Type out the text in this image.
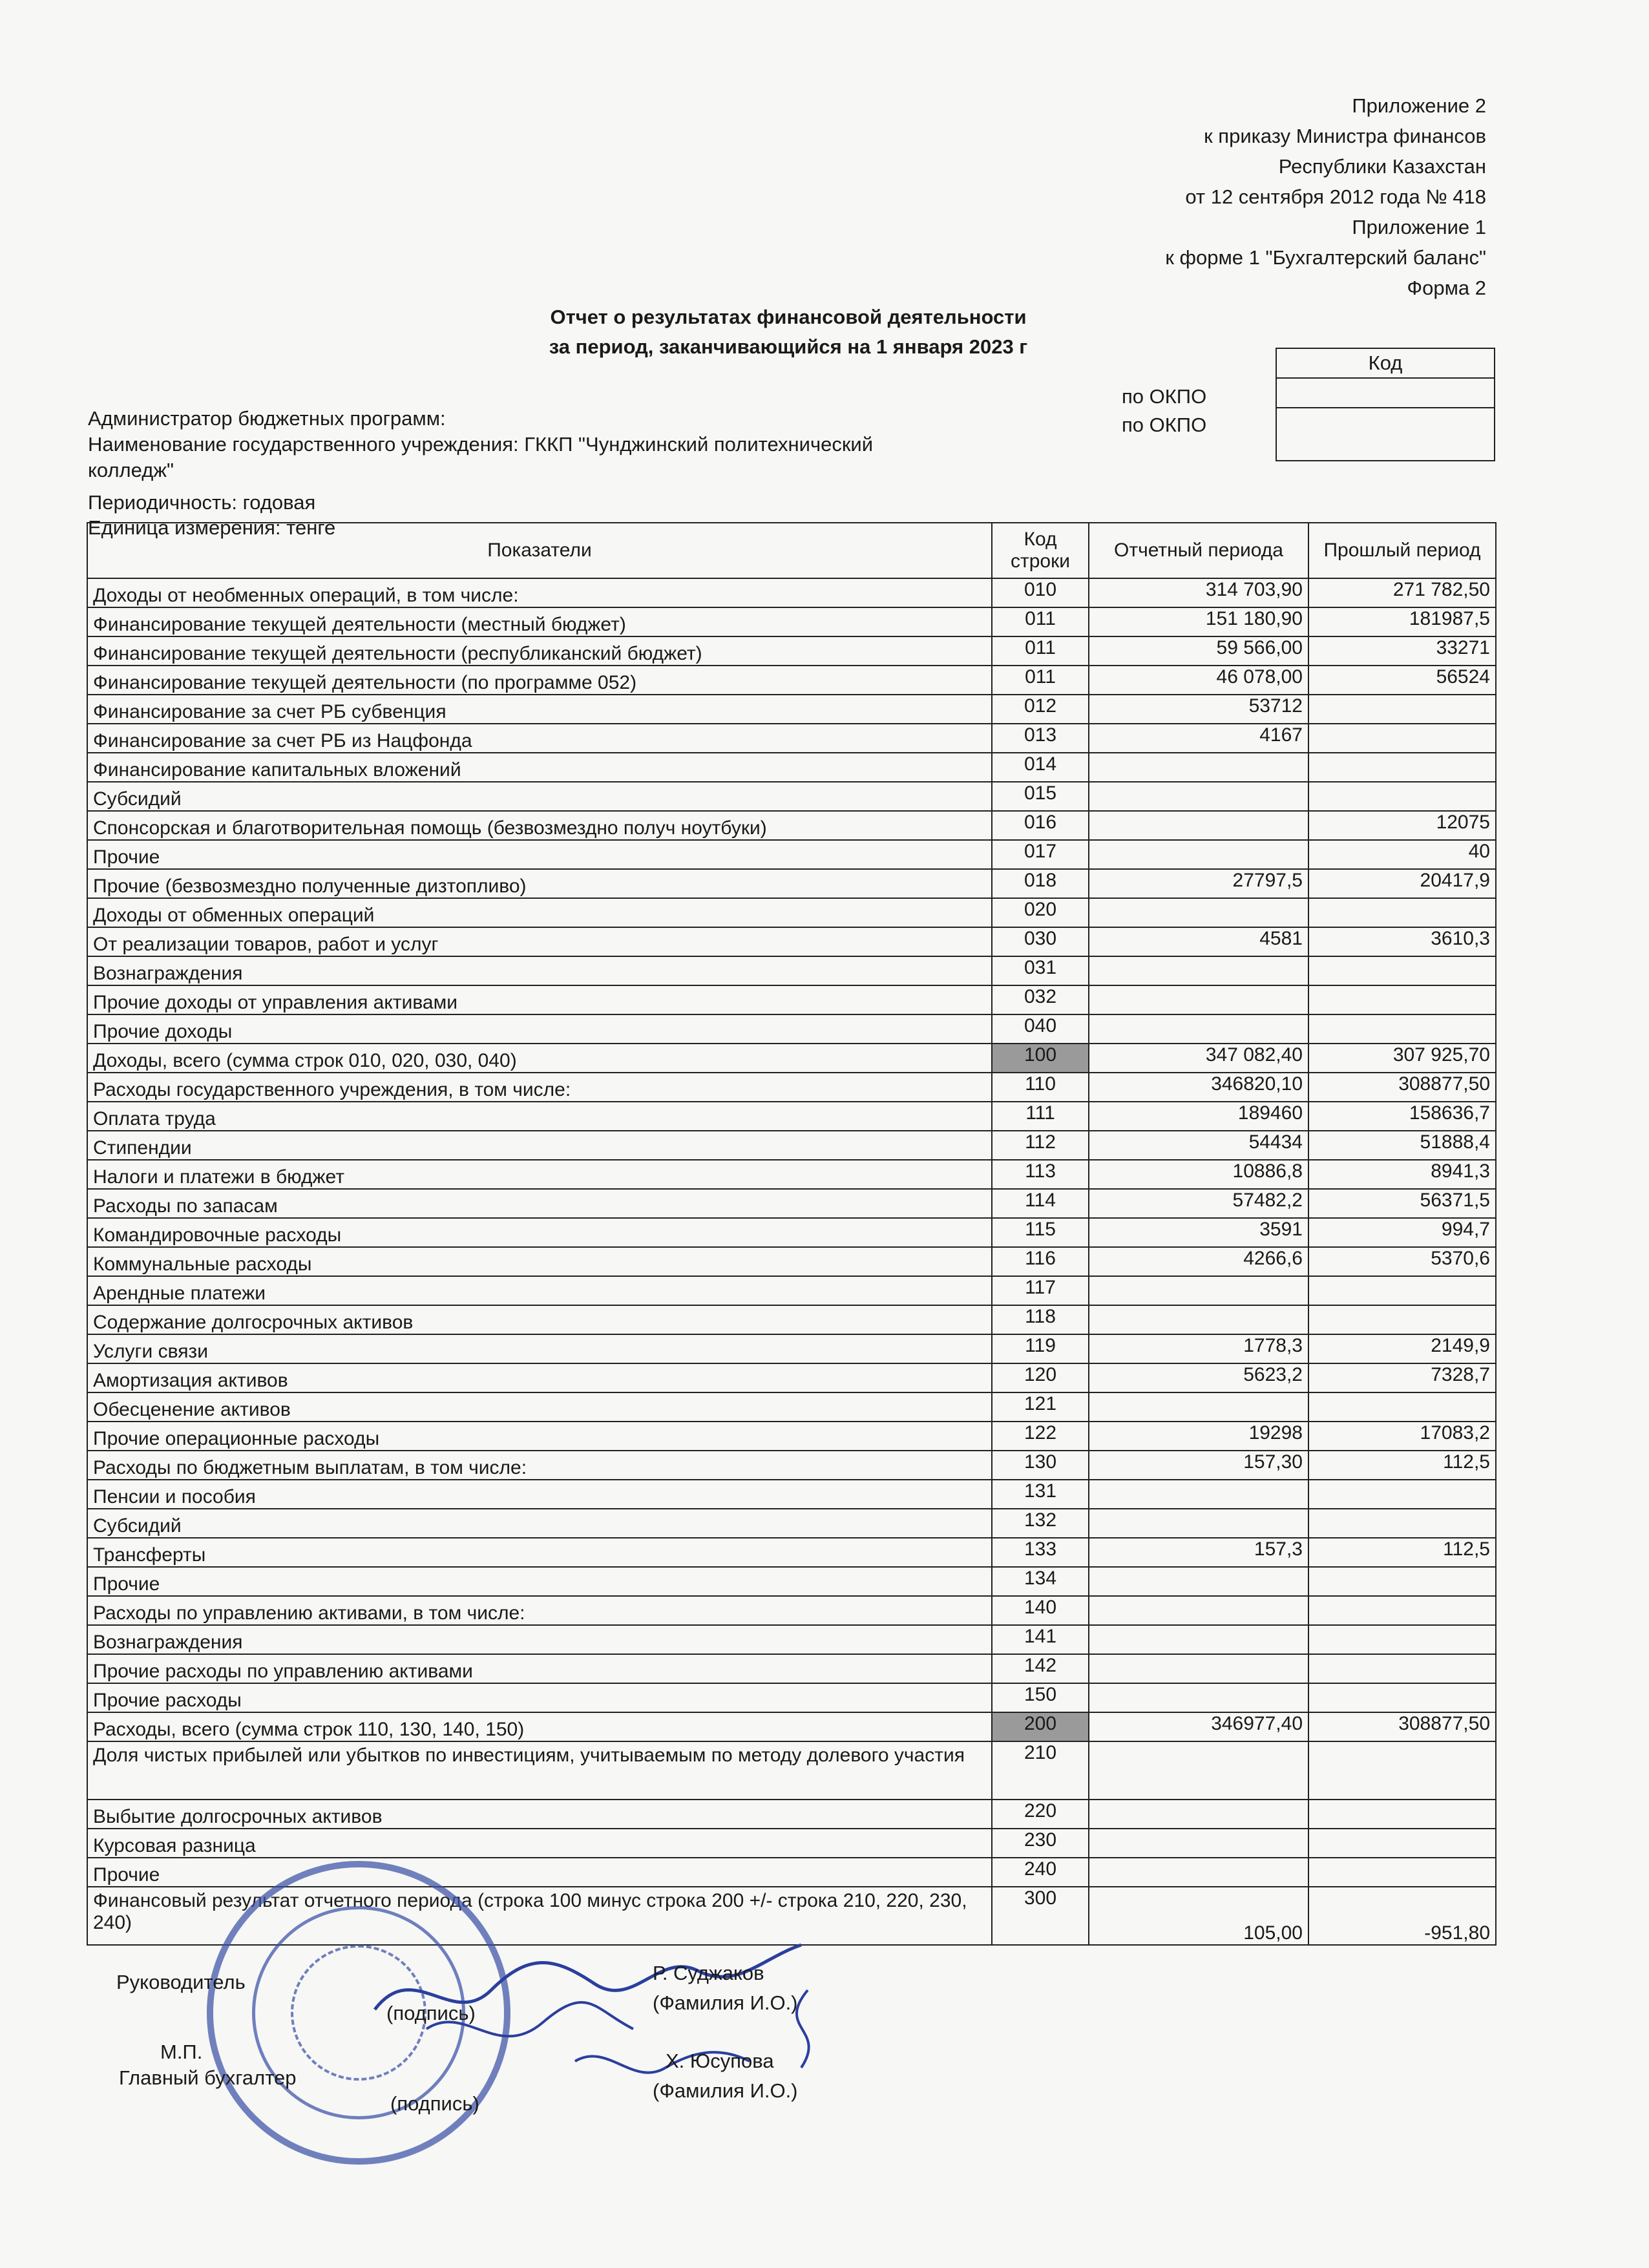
Приложение 2
к приказу Министра финансов
Республики Казахстан
от 12 сентября 2012 года № 418
Приложение 1
к форме 1 "Бухгалтерский баланс"
Форма 2
Отчет о результатах финансовой деятельности
за период, заканчивающийся на 1 января 2023 г
Администратор бюджетных программ:
Наименование государственного учреждения: ГККП "Чунджинский политехнический
колледж"
Периодичность: годовая
Единица измерения: тенге
по ОКПО
по ОКПО
Код
Показатели	Код строки	Отчетный периода	Прошлый период
Доходы от необменных операций, в том числе:	010	314 703,90	271 782,50
Финансирование текущей деятельности (местный бюджет)	011	151 180,90	181987,5
Финансирование текущей деятельности (республиканский бюджет)	011	59 566,00	33271
Финансирование текущей деятельности (по программе 052)	011	46 078,00	56524
Финансирование за счет РБ субвенция	012	53712	
Финансирование за счет РБ из Нацфонда	013	4167	
Финансирование капитальных вложений	014		
Субсидий	015		
Спонсорская и благотворительная помощь (безвозмездно получ ноутбуки)	016		12075
Прочие	017		40
Прочие (безвозмездно полученные дизтопливо)	018	27797,5	20417,9
Доходы от обменных операций	020		
От реализации товаров, работ и услуг	030	4581	3610,3
Вознаграждения	031		
Прочие доходы от управления активами	032		
Прочие доходы	040		
Доходы, всего (сумма строк 010, 020, 030, 040)	100	347 082,40	307 925,70
Расходы государственного учреждения, в том числе:	110	346820,10	308877,50
Оплата труда	111	189460	158636,7
Стипендии	112	54434	51888,4
Налоги и платежи в бюджет	113	10886,8	8941,3
Расходы по запасам	114	57482,2	56371,5
Командировочные расходы	115	3591	994,7
Коммунальные расходы	116	4266,6	5370,6
Арендные платежи	117		
Содержание долгосрочных активов	118		
Услуги связи	119	1778,3	2149,9
Амортизация активов	120	5623,2	7328,7
Обесценение активов	121		
Прочие операционные расходы	122	19298	17083,2
Расходы по бюджетным выплатам, в том числе:	130	157,30	112,5
Пенсии и пособия	131		
Субсидий	132		
Трансферты	133	157,3	112,5
Прочие	134		
Расходы по управлению активами, в том числе:	140		
Вознаграждения	141		
Прочие расходы по управлению активами	142		
Прочие расходы	150		
Расходы, всего (сумма строк 110, 130, 140, 150)	200	346977,40	308877,50
Доля чистых прибылей или убытков по инвестициям, учитываемым по методу долевого участия	210		
Выбытие долгосрочных активов	220		
Курсовая разница	230		
Прочие	240		
Финансовый результат отчетного периода (строка 100 минус строка 200 +/- строка 210, 220, 230, 240)	300	105,00	-951,80
Руководитель
(подпись)
Р. Суджаков
(Фамилия И.О.)
М.П.
Главный бухгалтер
(подпись)
Х. Юсупова
(Фамилия И.О.)
